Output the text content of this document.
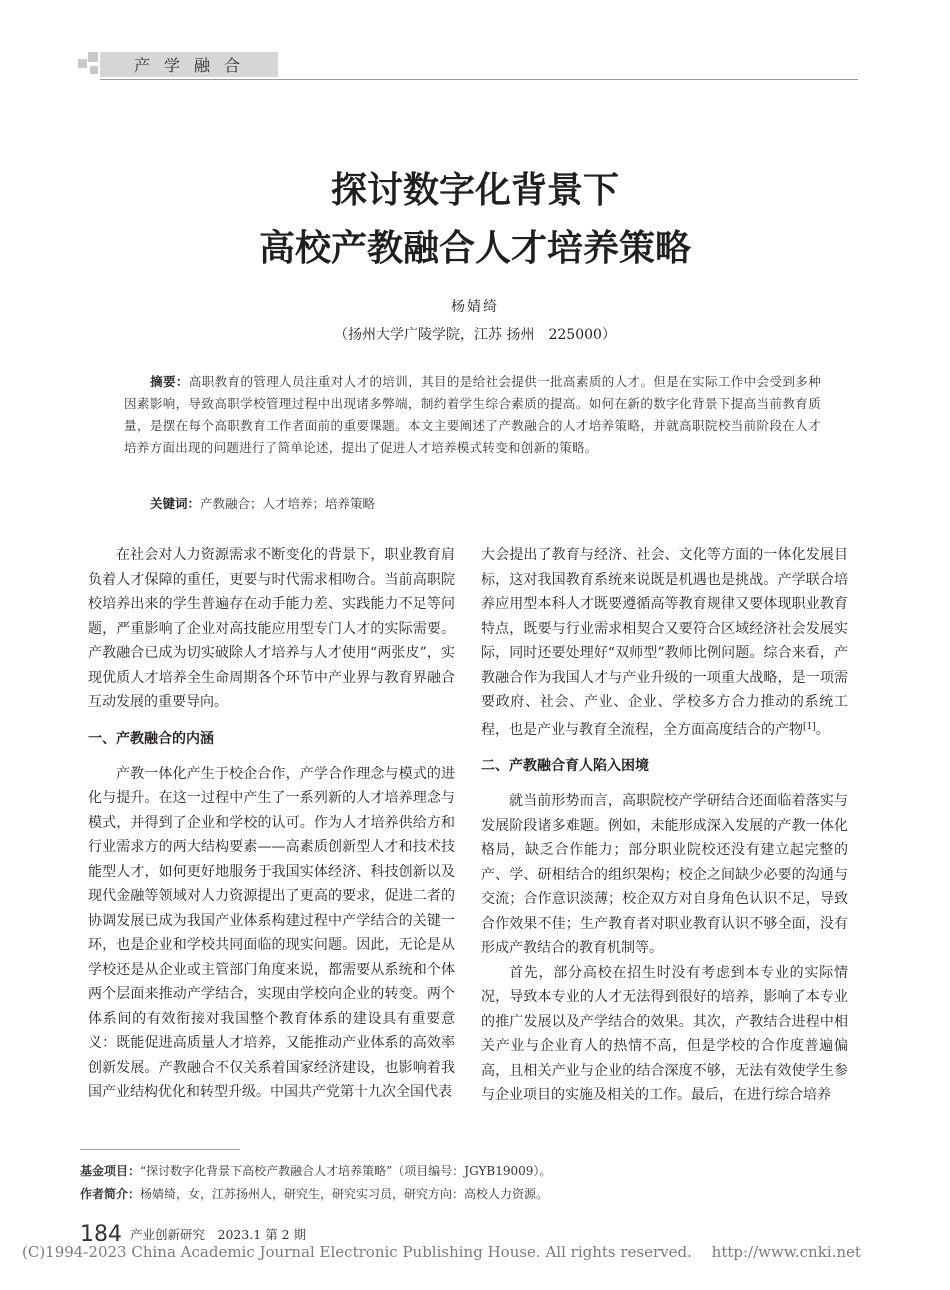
产学融合
探讨数字化背景下
高校产教融合人才培养策略
杨婧绮
（扬州大学广陵学院，江苏 扬州　225000）
摘要：高职教育的管理人员注重对人才的培训，其目的是给社会提供一批高素质的人才。但是在实际工作中会受到多种因素影响，导致高职学校管理过程中出现诸多弊端，制约着学生综合素质的提高。如何在新的数字化背景下提高当前教育质量，是摆在每个高职教育工作者面前的重要课题。本文主要阐述了产教融合的人才培养策略，并就高职院校当前阶段在人才培养方面出现的问题进行了简单论述，提出了促进人才培养模式转变和创新的策略。
关键词：产教融合；人才培养；培养策略

在社会对人力资源需求不断变化的背景下，职业教育肩负着人才保障的重任，更要与时代需求相吻合。当前高职院校培养出来的学生普遍存在动手能力差、实践能力不足等问题，严重影响了企业对高技能应用型专门人才的实际需要。产教融合已成为切实破除人才培养与人才使用“两张皮”，实现优质人才培养全生命周期各个环节中产业界与教育界融合互动发展的重要导向。

一、产教融合的内涵

产教一体化产生于校企合作，产学合作理念与模式的进化与提升。在这一过程中产生了一系列新的人才培养理念与模式，并得到了企业和学校的认可。作为人才培养供给方和行业需求方的两大结构要素——高素质创新型人才和技术技能型人才，如何更好地服务于我国实体经济、科技创新以及现代金融等领域对人力资源提出了更高的要求，促进二者的协调发展已成为我国产业体系构建过程中产学结合的关键一环，也是企业和学校共同面临的现实问题。因此，无论是从学校还是从企业或主管部门角度来说，都需要从系统和个体两个层面来推动产学结合，实现由学校向企业的转变。两个体系间的有效衔接对我国整个教育体系的建设具有重要意义：既能促进高质量人才培养，又能推动产业体系的高效率创新发展。产教融合不仅关系着国家经济建设，也影响着我国产业结构优化和转型升级。中国共产党第十九次全国代表

大会提出了教育与经济、社会、文化等方面的一体化发展目标，这对我国教育系统来说既是机遇也是挑战。产学联合培养应用型本科人才既要遵循高等教育规律又要体现职业教育特点，既要与行业需求相契合又要符合区域经济社会发展实际，同时还要处理好“双师型”教师比例问题。综合来看，产教融合作为我国人才与产业升级的一项重大战略，是一项需要政府、社会、产业、企业、学校多方合力推动的系统工程，也是产业与教育全流程，全方面高度结合的产物[1]。

二、产教融合育人陷入困境

就当前形势而言，高职院校产学研结合还面临着落实与发展阶段诸多难题。例如，未能形成深入发展的产教一体化格局，缺乏合作能力；部分职业院校还没有建立起完整的产、学、研相结合的组织架构；校企之间缺少必要的沟通与交流；合作意识淡薄；校企双方对自身角色认识不足，导致合作效果不佳；生产教育者对职业教育认识不够全面，没有形成产教结合的教育机制等。

首先，部分高校在招生时没有考虑到本专业的实际情况，导致本专业的人才无法得到很好的培养，影响了本专业的推广发展以及产学结合的效果。其次，产教结合进程中相关产业与企业育人的热情不高，但是学校的合作度普遍偏高，且相关产业与企业的结合深度不够，无法有效使学生参与企业项目的实施及相关的工作。最后，在进行综合培养

基金项目：“探讨数字化背景下高校产教融合人才培养策略”（项目编号：JGYB19009）。
作者简介：杨婧绮，女，江苏扬州人，研究生，研究实习员，研究方向：高校人力资源。
184 产业创新研究　2023.1 第 2 期
(C)1994-2023 China Academic Journal Electronic Publishing House. All rights reserved.　 http://www.cnki.net
